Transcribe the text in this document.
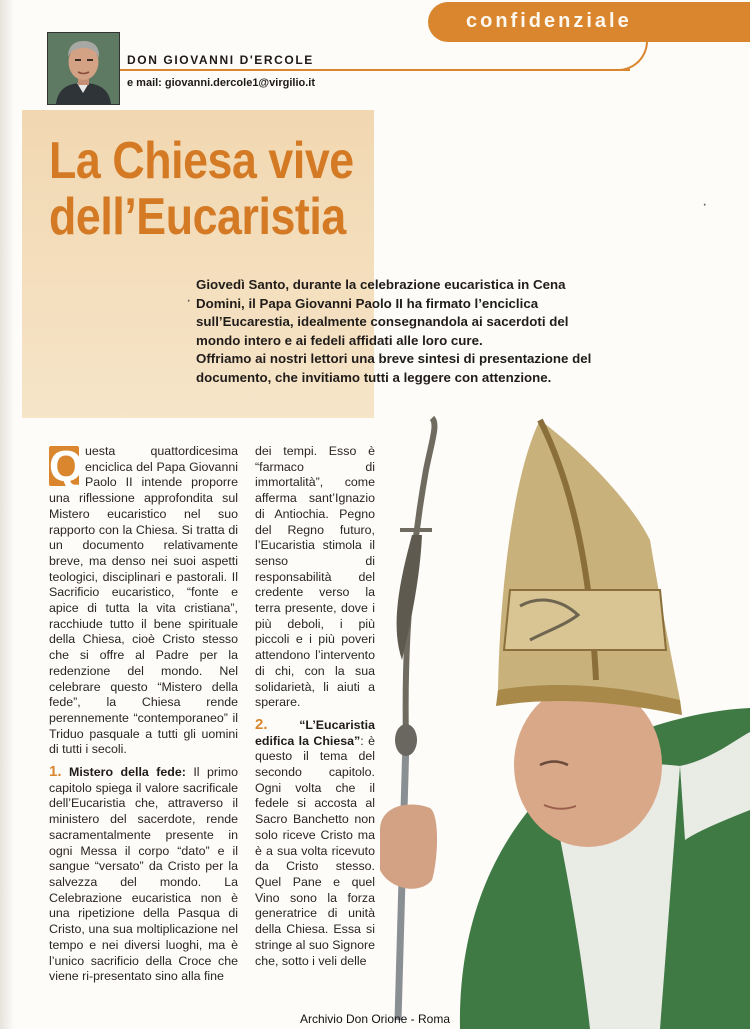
confidenziale
DON GIOVANNI D'ERCOLE
e mail: giovanni.dercole1@virgilio.it
La Chiesa vive
dell’Eucaristia
·
·

Giovedì Santo, durante la celebrazione eucaristica in Cena Domini, il Papa Giovanni Paolo II ha firmato l’enciclica sull’Eucarestia, idealmente consegnandola ai sacerdoti del mondo intero e ai fedeli affidati alle loro cure.

Offriamo ai nostri lettori una breve sintesi di presentazione del documento, che invitiamo tutti a leggere con attenzione.

Q uesta quattordicesima enciclica del Papa Giovanni Paolo II intende proporre una riflessione approfondita sul Mistero eucaristico nel suo rapporto con la Chiesa. Si tratta di un documento relativamente breve, ma denso nei suoi aspetti teologici, disciplinari e pastorali. Il Sacrificio eucaristico, “fonte e apice di tutta la vita cristiana”, racchiude tutto il bene spirituale della Chiesa, cioè Cristo stesso che si offre al Padre per la redenzione del mondo. Nel celebrare questo “Mistero della fede”, la Chiesa rende perennemente “contemporaneo” il Triduo pasquale a tutti gli uomini di tutti i secoli.

1. Mistero della fede: Il primo capitolo spiega il valore sacrificale dell’Eucaristia che, attraverso il ministero del sacerdote, rende sacramentalmente presente in ogni Messa il corpo “dato” e il sangue “versato” da Cristo per la salvezza del mondo. La Celebrazione eucaristica non è una ripetizione della Pasqua di Cristo, una sua moltiplicazione nel tempo e nei diversi luoghi, ma è l’unico sacrificio della Croce che viene ri-presentato sino alla fine

dei tempi. Esso è “farmaco di immortalità”, come afferma sant’Ignazio di Antiochia. Pegno del Regno futuro, l’Eucaristia stimola il senso di responsabilità del credente verso la terra presente, dove i più deboli, i più piccoli e i più poveri attendono l’intervento di chi, con la sua solidarietà, li aiuti a sperare.

2.	“L’Eucaristia edifica la Chiesa”: è questo il tema del secondo capitolo. Ogni volta che il fedele si accosta al Sacro Banchetto non solo riceve Cristo ma è a sua volta ricevuto da Cristo stesso. Quel Pane e quel Vino sono la forza generatrice di unità della Chiesa. Essa si stringe al suo Signore che, sotto i veli delle

Archivio Don Orione - Roma
